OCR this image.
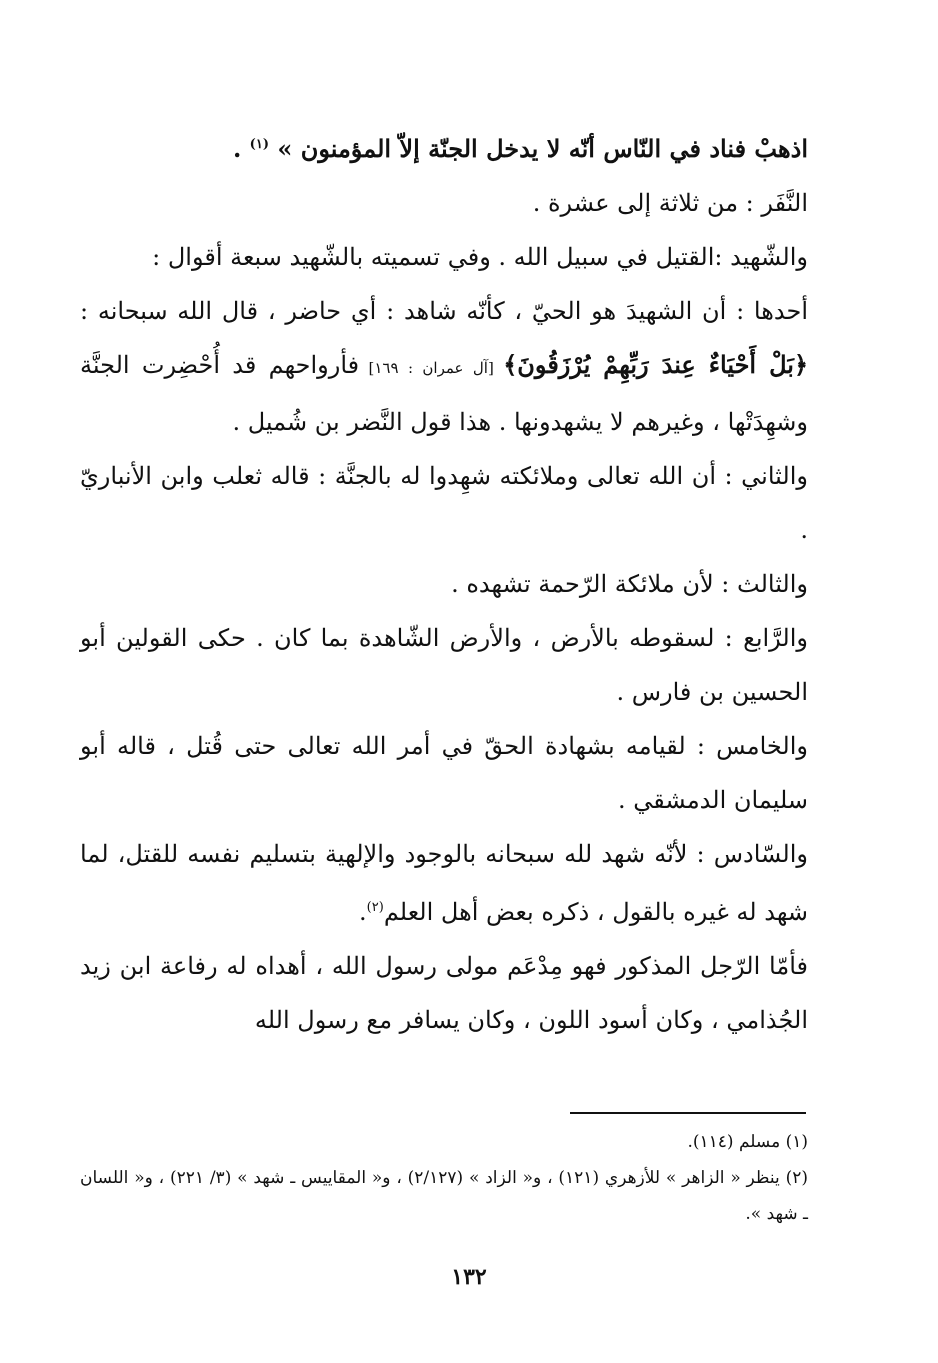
اذهبْ فناد في النّاس أنّه لا يدخل الجنّة إلاّ المؤمنون » $^{(١)}$ .

النَّفَر : من ثلاثة إلى عشرة .

والشّهيد :القتيل في سبيل الله . وفي تسميته بالشّهيد سبعة أقوال :

أحدها : أن الشهيدَ هو الحيّ ، كأنّه شاهد : أي حاضر ، قال الله سبحانه : ﴿بَلْ أَحْيَاءٌ عِندَ رَبِّهِمْ يُرْزَقُونَ﴾ [آل عمران : ١٦٩] فأرواحهم قد أُحْضِرت الجنَّة وشهِدَتْها ، وغيرهم لا يشهدونها . هذا قول النَّضر بن شُميل .

والثاني : أن الله تعالى وملائكته شهِدوا له بالجنَّة : قاله ثعلب وابن الأنباريّ .

والثالث : لأن ملائكة الرّحمة تشهده .

والرَّابع : لسقوطه بالأرض ، والأرض الشّاهدة بما كان . حكى القولين أبو الحسين بن فارس .

والخامس : لقيامه بشهادة الحقّ في أمر الله تعالى حتى قُتل ، قاله أبو سليمان الدمشقي .

والسّادس : لأنّه شهد لله سبحانه بالوجود والإلهية بتسليم نفسه للقتل، لما شهد له غيره بالقول ، ذكره بعض أهل العلم$^{(٢)}$.

فأمّا الرّجل المذكور فهو مِدْعَم مولى رسول الله ، أهداه له رفاعة ابن زيد الجُذامي ، وكان أسود اللون ، وكان يسافر مع رسول الله

(١) مسلم (١١٤).

(٢) ينظر « الزاهر » للأزهري (١٢١) ، و« الزاد » (٢/١٢٧) ، و« المقاييس ـ شهد » (٣/ ٢٢١) ، و« اللسان ـ شهد ».

١٣٢
